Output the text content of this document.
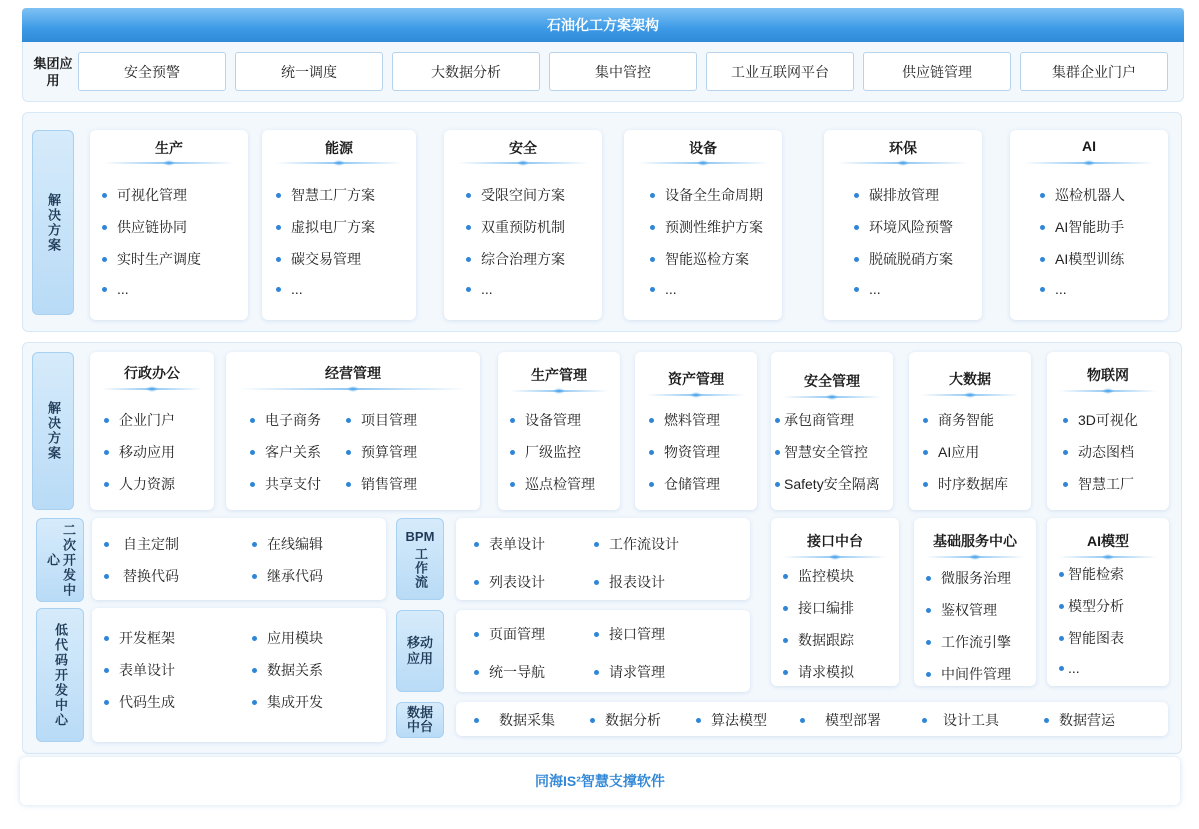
石油化工方案架构
集团应用
安全预警	统一调度	大数据分析	集中管控	工业互联网平台	供应链管理	集群企业门户
解决方案
生产
可视化管理
供应链协同
实时生产调度
...
能源
智慧工厂方案
虚拟电厂方案
碳交易管理
...
安全
受限空间方案
双重预防机制
综合治理方案
...
设备
设备全生命周期
预测性维护方案
智能巡检方案
...
环保
碳排放管理
环境风险预警
脱硫脱硝方案
...
AI
巡检机器人
AI智能助手
AI模型训练
...
解决方案
行政办公
企业门户
移动应用
人力资源
经营管理
电子商务
客户关系
共享支付
项目管理
预算管理
销售管理
生产管理
设备管理
厂级监控
巡点检管理
资产管理
燃料管理
物资管理
仓储管理
安全管理
承包商管理
智慧安全管控
Safety安全隔离
大数据
商务智能
AI应用
时序数据库
物联网
3D可视化
动态图档
智慧工厂
二次开发中心
自主定制
替换代码
在线编辑
继承代码
低代码开发中心	开发框架
表单设计
代码生成
应用模块
数据关系
集成开发
BPM
工作流
表单设计
列表设计
工作流设计
报表设计
移动应用
页面管理
统一导航
接口管理
请求管理
数据中台	数据采集	数据分析	算法模型	模型部署	设计工具	数据营运
接口中台
监控模块
接口编排
数据跟踪
请求模拟
基础服务中心
微服务治理
鉴权管理
工作流引擎
中间件管理
AI模型
智能检索
模型分析
智能图表
...
同海IS²智慧支撑软件
